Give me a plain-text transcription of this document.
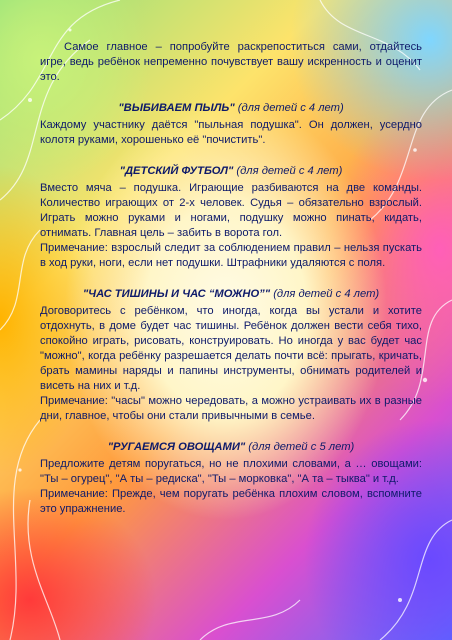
Самое главное – попробуйте раскрепоститься сами, отдайтесь игре, ведь ребёнок непременно почувствует вашу искренность и оценит это.

"ВЫБИВАЕМ ПЫЛЬ" (для детей с 4 лет)

Каждому участнику даётся "пыльная подушка". Он должен, усердно колотя руками, хорошенько её "почистить".

"ДЕТСКИЙ ФУТБОЛ" (для детей с 4 лет)

Вместо мяча – подушка. Играющие разбиваются на две команды. Количество играющих от 2-х человек. Судья – обязательно взрослый. Играть можно руками и ногами, подушку можно пинать, кидать, отнимать. Главная цель – забить в ворота гол.

Примечание: взрослый следит за соблюдением правил – нельзя пускать в ход руки, ноги, если нет подушки. Штрафники удаляются с поля.

"ЧАС ТИШИНЫ И ЧАС “МОЖНО”" (для детей с 4 лет)

Договоритесь с ребёнком, что иногда, когда вы устали и хотите отдохнуть, в доме будет час тишины. Ребёнок должен вести себя тихо, спокойно играть, рисовать, конструировать. Но иногда у вас будет час "можно", когда ребёнку разрешается делать почти всё: прыгать, кричать, брать мамины наряды и папины инструменты, обнимать родителей и висеть на них и т.д.

Примечание: "часы" можно чередовать, а можно устраивать их в разные дни, главное, чтобы они стали привычными в семье.

"РУГАЕМСЯ ОВОЩАМИ" (для детей с 5 лет)

Предложите детям поругаться, но не плохими словами, а … овощами: "Ты – огурец", "А ты – редиска", "Ты – морковка", "А та – тыква" и т.д.

Примечание: Прежде, чем поругать ребёнка плохим словом, вспомните это упражнение.
